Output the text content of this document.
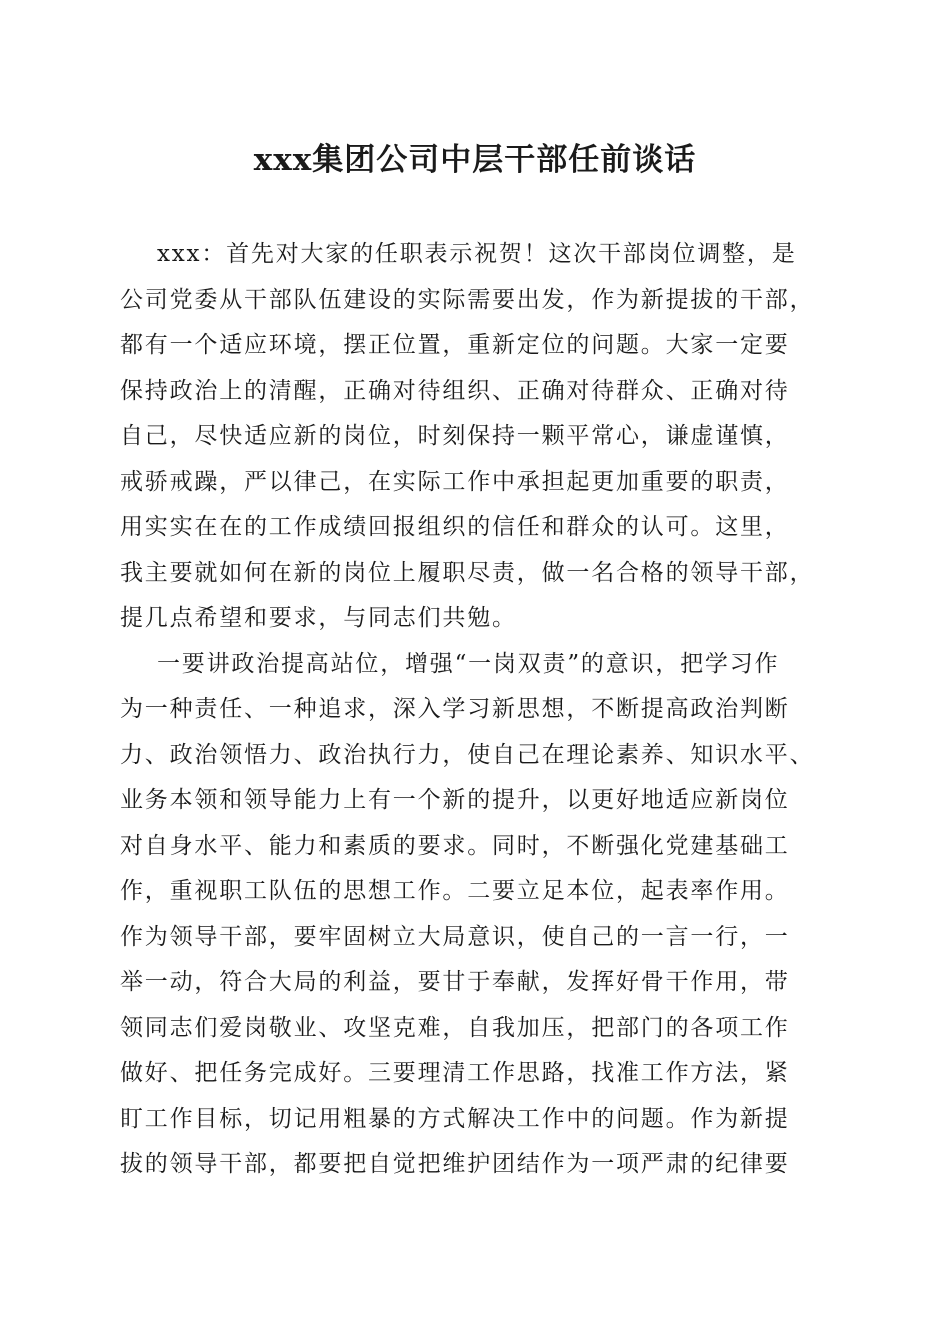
xxx集团公司中层干部任前谈话
xxx：首先对大家的任职表示祝贺！这次干部岗位调整，是
公司党委从干部队伍建设的实际需要出发，作为新提拔的干部，
都有一个适应环境，摆正位置，重新定位的问题。大家一定要
保持政治上的清醒，正确对待组织、正确对待群众、正确对待
自己，尽快适应新的岗位，时刻保持一颗平常心，谦虚谨慎，
戒骄戒躁，严以律己，在实际工作中承担起更加重要的职责，
用实实在在的工作成绩回报组织的信任和群众的认可。这里，
我主要就如何在新的岗位上履职尽责，做一名合格的领导干部，
提几点希望和要求，与同志们共勉。
一要讲政治提高站位，增强“一岗双责”的意识，把学习作
为一种责任、一种追求，深入学习新思想，不断提高政治判断
力、政治领悟力、政治执行力，使自己在理论素养、知识水平、
业务本领和领导能力上有一个新的提升，以更好地适应新岗位
对自身水平、能力和素质的要求。同时，不断强化党建基础工
作，重视职工队伍的思想工作。二要立足本位，起表率作用。
作为领导干部，要牢固树立大局意识，使自己的一言一行，一
举一动，符合大局的利益，要甘于奉献，发挥好骨干作用，带
领同志们爱岗敬业、攻坚克难，自我加压，把部门的各项工作
做好、把任务完成好。三要理清工作思路，找准工作方法，紧
盯工作目标，切记用粗暴的方式解决工作中的问题。作为新提
拔的领导干部，都要把自觉把维护团结作为一项严肃的纪律要
